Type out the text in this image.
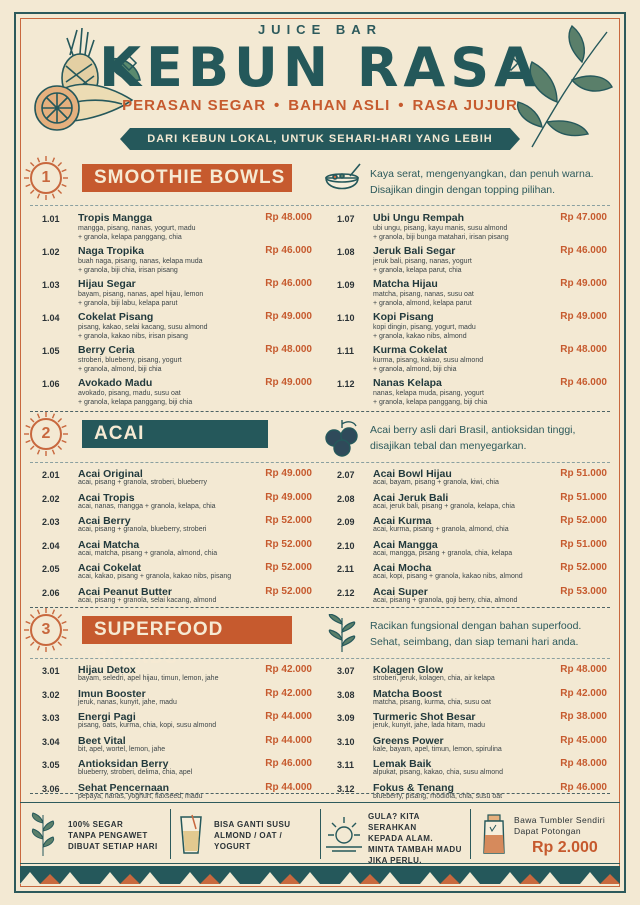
JUICE BAR
KEBUN RASA
PERASAN SEGAR • BAHAN ASLI • RASA JUJUR
DARI KEBUN LOKAL, UNTUK SEHARI-HARI YANG LEBIH BAIK
1	SMOOTHIE BOWLS	Kaya serat, mengenyangkan, dan penuh warna.
Disajikan dingin dengan topping pilihan.
1.01 Tropis Mangga	Rp 48.000
mangga, pisang, nanas, yogurt, madu
+ granola, kelapa panggang, chia
1.02 Naga Tropika	Rp 46.000
buah naga, pisang, nanas, kelapa muda
+ granola, biji chia, irisan pisang
1.03 Hijau Segar	Rp 46.000
bayam, pisang, nanas, apel hijau, lemon
+ granola, biji labu, kelapa parut
1.04 Cokelat Pisang	Rp 49.000
pisang, kakao, selai kacang, susu almond
+ granola, kakao nibs, irisan pisang
1.05 Berry Ceria	Rp 48.000
stroberi, blueberry, pisang, yogurt
+ granola, almond, biji chia
1.06 Avokado Madu	Rp 49.000
avokado, pisang, madu, susu oat
+ granola, kelapa panggang, biji chia
1.07 Ubi Ungu Rempah	Rp 47.000
ubi ungu, pisang, kayu manis, susu almond
+ granola, biji bunga matahari, irisan pisang
1.08 Jeruk Bali Segar	Rp 46.000
jeruk bali, pisang, nanas, yogurt
+ granola, kelapa parut, chia
1.09 Matcha Hijau	Rp 49.000
matcha, pisang, nanas, susu oat
+ granola, almond, kelapa parut
1.10 Kopi Pisang	Rp 49.000
kopi dingin, pisang, yogurt, madu
+ granola, kakao nibs, almond
1.11 Kurma Cokelat	Rp 48.000
kurma, pisang, kakao, susu almond
+ granola, almond, biji chia
1.12 Nanas Kelapa	Rp 46.000
nanas, kelapa muda, pisang, yogurt
+ granola, kelapa panggang, biji chia
2	ACAI	Acai berry asli dari Brasil, antioksidan tinggi,
disajikan tebal dan menyegarkan.
2.01 Acai Original	Rp 49.000
acai, pisang + granola, stroberi, blueberry
2.02 Acai Tropis	Rp 49.000
acai, nanas, mangga + granola, kelapa, chia
2.03 Acai Berry	Rp 52.000
acai, pisang + granola, blueberry, stroberi
2.04 Acai Matcha	Rp 52.000
acai, matcha, pisang + granola, almond, chia
2.05 Acai Cokelat	Rp 52.000
acai, kakao, pisang + granola, kakao nibs, pisang
2.06 Acai Peanut Butter	Rp 52.000
acai, pisang + granola, selai kacang, almond
2.07 Acai Bowl Hijau	Rp 51.000
acai, bayam, pisang + granola, kiwi, chia
2.08 Acai Jeruk Bali	Rp 51.000
acai, jeruk bali, pisang + granola, kelapa, chia
2.09 Acai Kurma	Rp 52.000
acai, kurma, pisang + granola, almond, chia
2.10 Acai Mangga	Rp 51.000
acai, mangga, pisang + granola, chia, kelapa
2.11 Acai Mocha	Rp 52.000
acai, kopi, pisang + granola, kakao nibs, almond
2.12 Acai Super	Rp 53.000
acai, pisang + granola, goji berry, chia, almond
3	SUPERFOOD BLENDS
Racikan fungsional dengan bahan superfood.
Sehat, seimbang, dan siap temani hari anda.
3.01 Hijau Detox	Rp 42.000
bayam, seledri, apel hijau, timun, lemon, jahe
3.02 Imun Booster	Rp 42.000
jeruk, nanas, kunyit, jahe, madu
3.03 Energi Pagi	Rp 44.000
pisang, oats, kurma, chia, kopi, susu almond
3.04 Beet Vital	Rp 44.000
bit, apel, wortel, lemon, jahe
3.05 Antioksidan Berry	Rp 46.000
blueberry, stroberi, delima, chia, apel
3.06 Sehat Pencernaan	Rp 44.000
pepaya, nanas, yoghurt, flaxseed, madu
3.07 Kolagen Glow	Rp 48.000
stroberi, jeruk, kolagen, chia, air kelapa
3.08 Matcha Boost	Rp 42.000
matcha, pisang, kurma, chia, susu oat
3.09 Turmeric Shot Besar	Rp 38.000
jeruk, kunyit, jahe, lada hitam, madu
3.10 Greens Power	Rp 45.000
kale, bayam, apel, timun, lemon, spirulina
3.11 Lemak Baik	Rp 48.000
alpukat, pisang, kakao, chia, susu almond
3.12 Fokus & Tenang	Rp 46.000
blueberry, pisang, rhodiola, chia, susu oat
100% SEGAR
TANPA PENGAWET
DIBUAT SETIAP HARI
BISA GANTI SUSU
ALMOND / OAT /
YOGURT
GULA? KITA SERAHKAN
KEPADA ALAM.
MINTA TAMBAH MADU
JIKA PERLU.
Bawa Tumbler Sendiri
Dapat Potongan
Rp 2.000
